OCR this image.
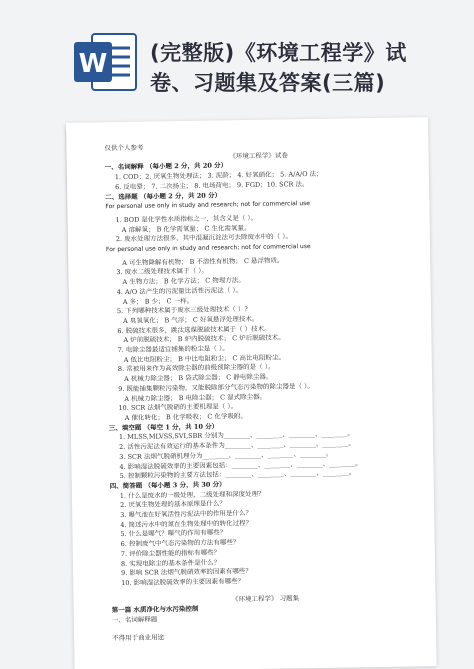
W (完整版)《环境工程学》试
卷、习题集及答案(三篇)
仅供个人参考
《环境工程学》试卷
一、名词解释 （每小题 2 分，共 20 分）
1. COD；2. 厌氧生物处理法； 3. 泥龄； 4. 好氧硝化； 5. A/A/O 法；
6. 反电晕； 7. 二次扬尘； 8. 电场荷电； 9. FGD；10. SCR 法。
二、选择题 （每小题 2 分，共 20 分）
For personal use only in study and research; not for commercial use
1. BOD 是化学性水质指标之一，其含义是（ ）。
A 溶解氧； B 化学需氧量； C 生化需氧量。
2. 废水处理方法很多，其中混凝沉淀法可去除废水中的（ ）。
For personal use only in study and research; not for commercial use
A 可生物降解有机物； B 不溶性有机物； C 悬浮物质。
3. 废水二级处理技术属于（ ）。
A 生物方法； B 化学方法； C 物理方法。
4. A/O 法产生的污泥量比活性污泥法（ ）。
A 多； B 少； C 一样。
5. 下列哪种技术属于废水三级处理技术（ ）?
A 臭氧氧化； B 气浮； C 好氧悬浮处理技术。
6. 脱硫技术很多，跳汰选煤脱硫技术属于（ ）技术。
A 炉前脱硫技术； B 炉内脱硫技术； C 炉后脱硫技术。
7. 电除尘器最适宜捕集的粉尘是（ ）。
A 低比电阻粉尘； B 中比电阻粉尘； C 高比电阻粉尘。
8. 常被用来作为高效除尘器的前级预除尘器的是（ ）。
A 机械力除尘器； B 袋式除尘器； C 静电除尘器。
9. 既能捕集颗粒污染物，又能脱除部分气态污染物的除尘器是（ ）。
A 机械力除尘器； B 电除尘器； C 湿式除尘器。
10. SCR 法烟气脱硝的主要机理是（ ）。
A 催化转化； B 化学吸收； C 化学吸附。
三、填空题 （每空 1 分，共 10 分）
1. MLSS,MLVSS,SVI,SBR 分别为________、________、________、________。
2. 活性污泥法有效运行的基本条件为________、________、________、________。
3. SCR 法烟气脱硝机理分为________、________、________、________。
4. 影响湿法脱硫效率的主要因素包括：________、________、________、________。
5. 控制颗粒污染物的主要方法包括：________、________、________、________。
四、简答题 （每小题 3 分，共 30 分）
1. 什么是废水的一级处理，二级处理和深度处理？
2. 厌氧生物处理的基本原理是什么？
3. 曝气池在好氧活性污泥法中的作用是什么？
4. 简述污水中的氮在生物处理中的转化过程？
5. 什么是曝气？曝气的作用有哪些？
6. 控制废气中气态污染物的方法有哪些？
7. 评价除尘器性能的指标有哪些？
8. 实现电除尘的基本条件是什么？
9. 影响 SCR 法烟气脱硝效率的因素有哪些？
10. 影响湿法脱硫效率的主要因素有哪些？
《环境工程学》 习题集
第一篇 水质净化与水污染控制
一、名词解释题
不得用于商业用途
